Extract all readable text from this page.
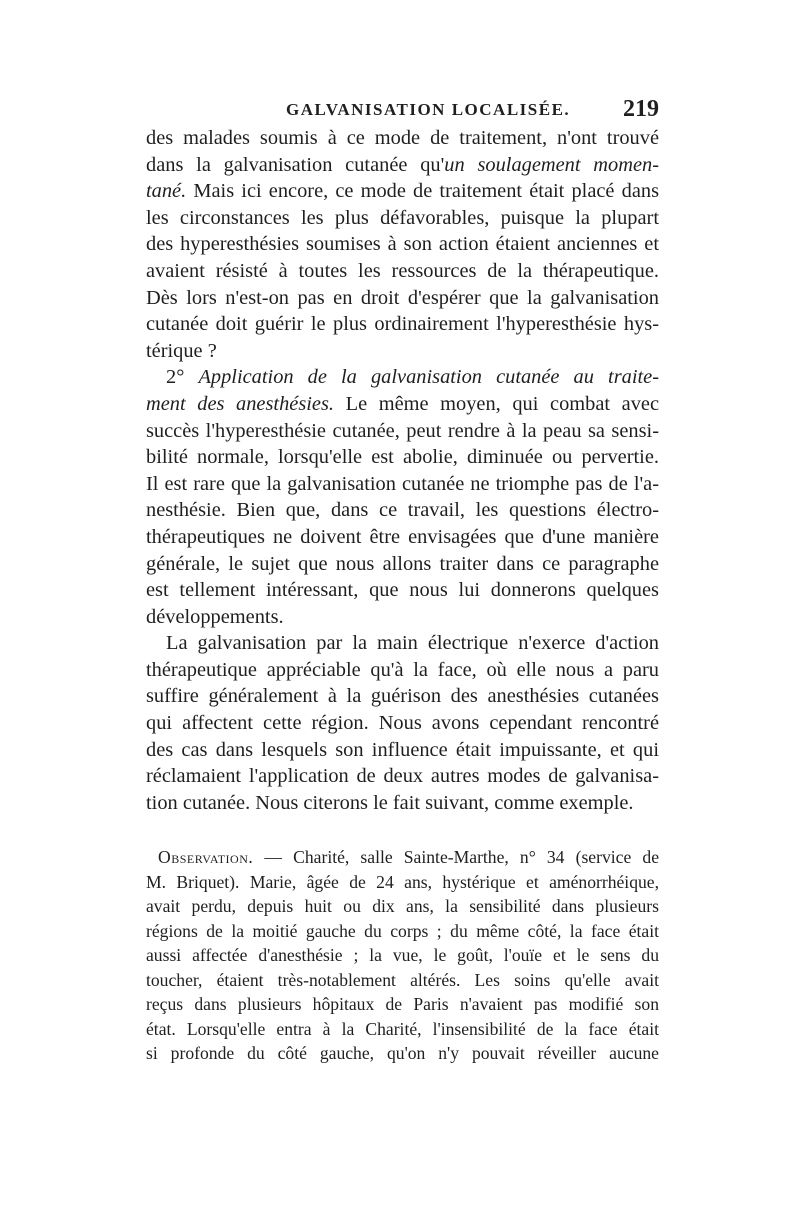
GALVANISATION LOCALISÉE. 219
des malades soumis à ce mode de traitement, n'ont trouvé
dans la galvanisation cutanée qu'un soulagement momen-
tané. Mais ici encore, ce mode de traitement était placé dans
les circonstances les plus défavorables, puisque la plupart
des hyperesthésies soumises à son action étaient anciennes et
avaient résisté à toutes les ressources de la thérapeutique.
Dès lors n'est-on pas en droit d'espérer que la galvanisation
cutanée doit guérir le plus ordinairement l'hyperesthésie hys-
térique ?
2° Application de la galvanisation cutanée au traite-
ment des anesthésies. Le même moyen, qui combat avec
succès l'hyperesthésie cutanée, peut rendre à la peau sa sensi-
bilité normale, lorsqu'elle est abolie, diminuée ou pervertie.
Il est rare que la galvanisation cutanée ne triomphe pas de l'a-
nesthésie. Bien que, dans ce travail, les questions électro-
thérapeutiques ne doivent être envisagées que d'une manière
générale, le sujet que nous allons traiter dans ce paragraphe
est tellement intéressant, que nous lui donnerons quelques
développements.
La galvanisation par la main électrique n'exerce d'action
thérapeutique appréciable qu'à la face, où elle nous a paru
suffire généralement à la guérison des anesthésies cutanées
qui affectent cette région. Nous avons cependant rencontré
des cas dans lesquels son influence était impuissante, et qui
réclamaient l'application de deux autres modes de galvanisa-
tion cutanée. Nous citerons le fait suivant, comme exemple.
Observation. — Charité, salle Sainte-Marthe, n° 34 (service de
M. Briquet). Marie, âgée de 24 ans, hystérique et aménorrhéique,
avait perdu, depuis huit ou dix ans, la sensibilité dans plusieurs
régions de la moitié gauche du corps ; du même côté, la face était
aussi affectée d'anesthésie ; la vue, le goût, l'ouïe et le sens du
toucher, étaient très-notablement altérés. Les soins qu'elle avait
reçus dans plusieurs hôpitaux de Paris n'avaient pas modifié son
état. Lorsqu'elle entra à la Charité, l'insensibilité de la face était
si profonde du côté gauche, qu'on n'y pouvait réveiller aucune
